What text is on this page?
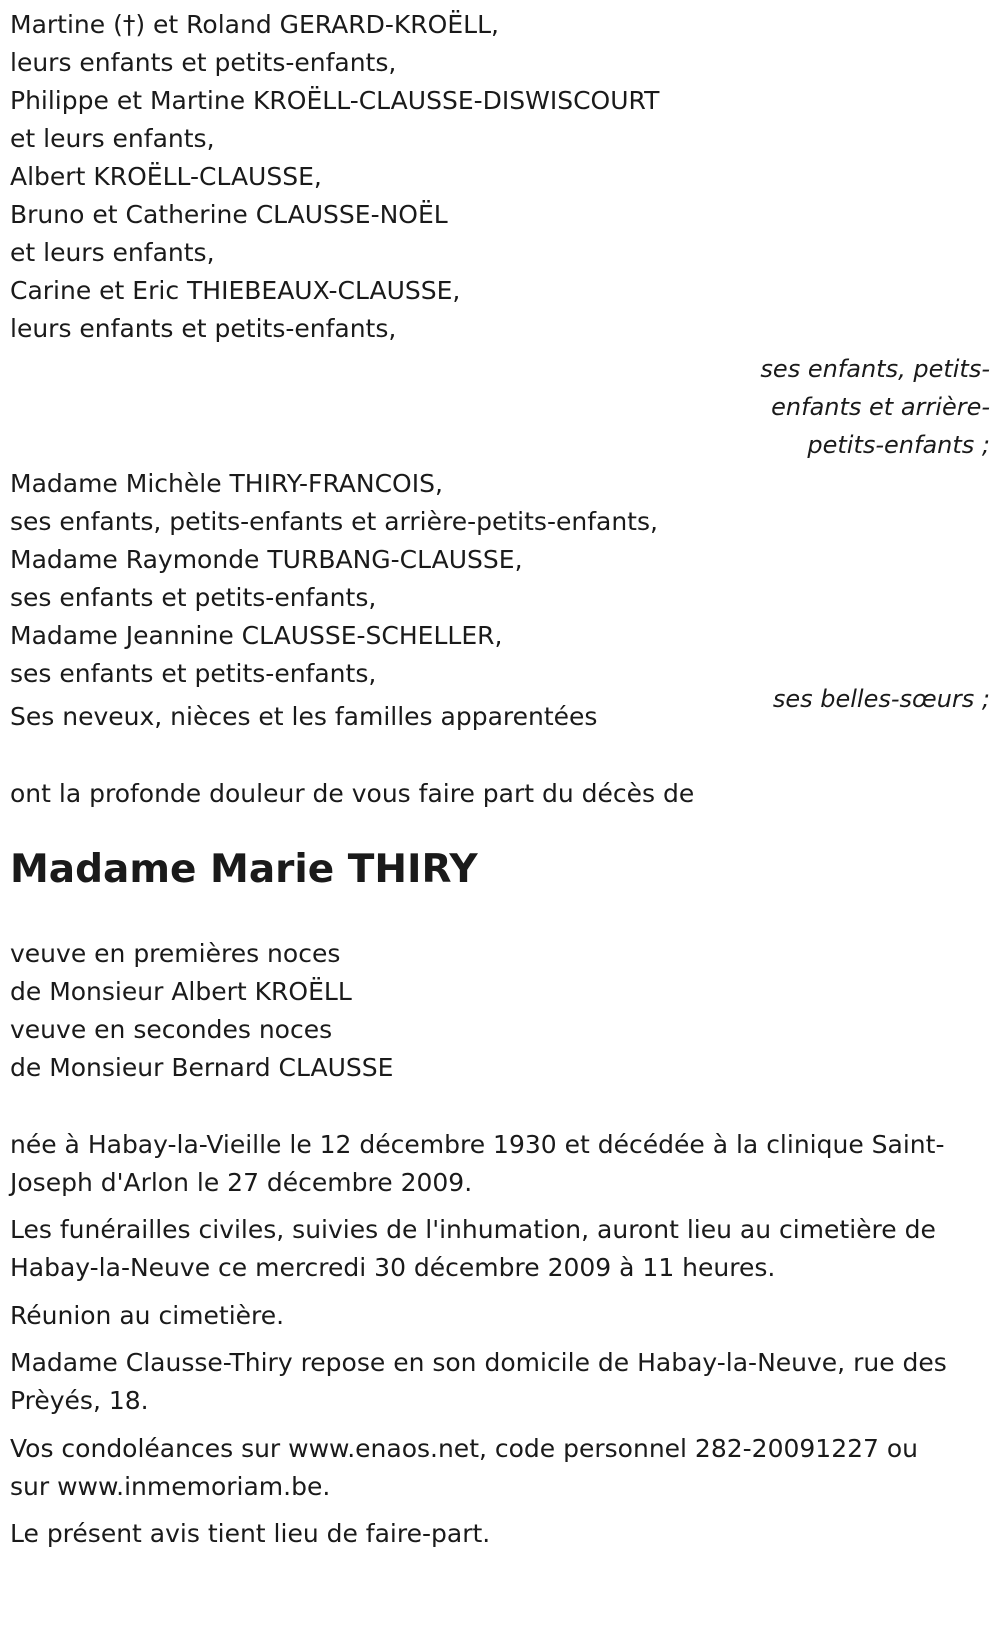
Martine (†) et Roland GERARD-KROËLL,
leurs enfants et petits-enfants,
Philippe et Martine KROËLL-CLAUSSE-DISWISCOURT
et leurs enfants,
Albert KROËLL-CLAUSSE,
Bruno et Catherine CLAUSSE-NOËL
et leurs enfants,
Carine et Eric THIEBEAUX-CLAUSSE,
leurs enfants et petits-enfants,
ses enfants, petits-enfants et arrière-petits-enfants ;
Madame Michèle THIRY-FRANCOIS,
ses enfants, petits-enfants et arrière-petits-enfants,
Madame Raymonde TURBANG-CLAUSSE,
ses enfants et petits-enfants,
Madame Jeannine CLAUSSE-SCHELLER,
ses enfants et petits-enfants,
ses belles-sœurs ;
Ses neveux, nièces et les familles apparentées
ont la profonde douleur de vous faire part du décès de
Madame Marie THIRY
veuve en premières noces
de Monsieur Albert KROËLL
veuve en secondes noces
de Monsieur Bernard CLAUSSE
née à Habay-la-Vieille le 12 décembre 1930 et décédée à la clinique Saint-Joseph d'Arlon le 27 décembre 2009.
Les funérailles civiles, suivies de l'inhumation, auront lieu au cimetière de Habay-la-Neuve ce mercredi 30 décembre 2009 à 11 heures.
Réunion au cimetière.
Madame Clausse-Thiry repose en son domicile de Habay-la-Neuve, rue des Prèyés, 18.
Vos condoléances sur www.enaos.net, code personnel 282-20091227 ou sur www.inmemoriam.be.
Le présent avis tient lieu de faire-part.
